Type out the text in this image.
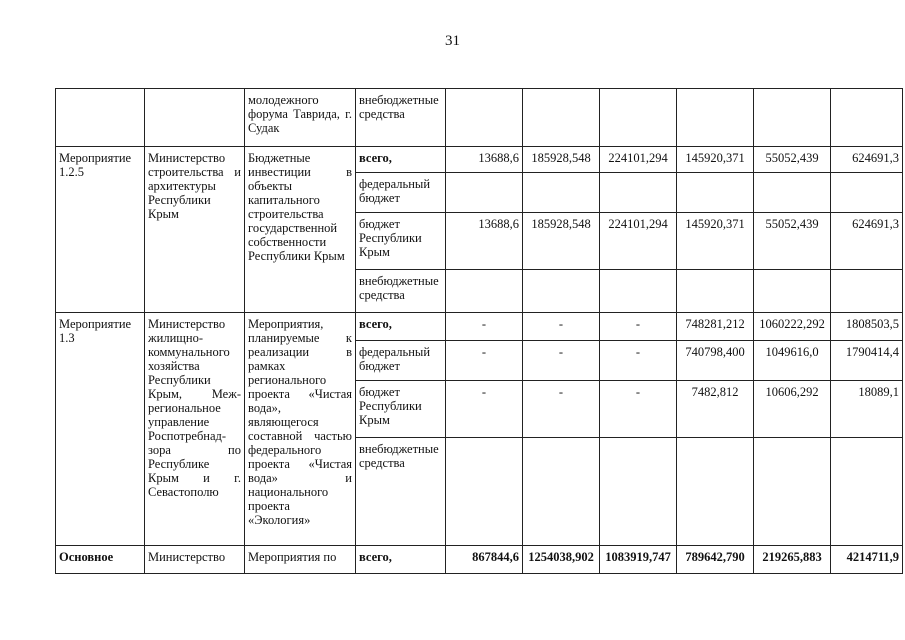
31
		молодежного форума Таврида, г. Судак	внебюджетные средства						
Мероприятие 1.2.5	Министерство строительства и архитектуры Республики Крым	Бюджетные инвестиции в объекты капитального строительства государственной собственности Республики Крым	всего,	13688,6	185928,548	224101,294	145920,371	55052,439	624691,3
			федеральный бюджет						
			бюджет Республики Крым	13688,6	185928,548	224101,294	145920,371	55052,439	624691,3
			внебюджетные средства						
Мероприятие 1.3	Министерство жилищно-коммунального хозяйства Республики Крым, Меж-региональное управление Роспотребнад-зора по Республике Крым и г. Севастополю	Мероприятия, планируемые к реализации в рамках регионального проекта «Чистая вода», являющегося составной частью федерального проекта «Чистая вода» и национального проекта «Экология»	всего,	-	-	-	748281,212	1060222,292	1808503,5
			федеральный бюджет	-	-	-	740798,400	1049616,0	1790414,4
			бюджет Республики Крым	-	-	-	7482,812	10606,292	18089,1
			внебюджетные средства						
Основное	Министерство	Мероприятия по	всего,	867844,6	1254038,902	1083919,747	789642,790	219265,883	4214711,9
